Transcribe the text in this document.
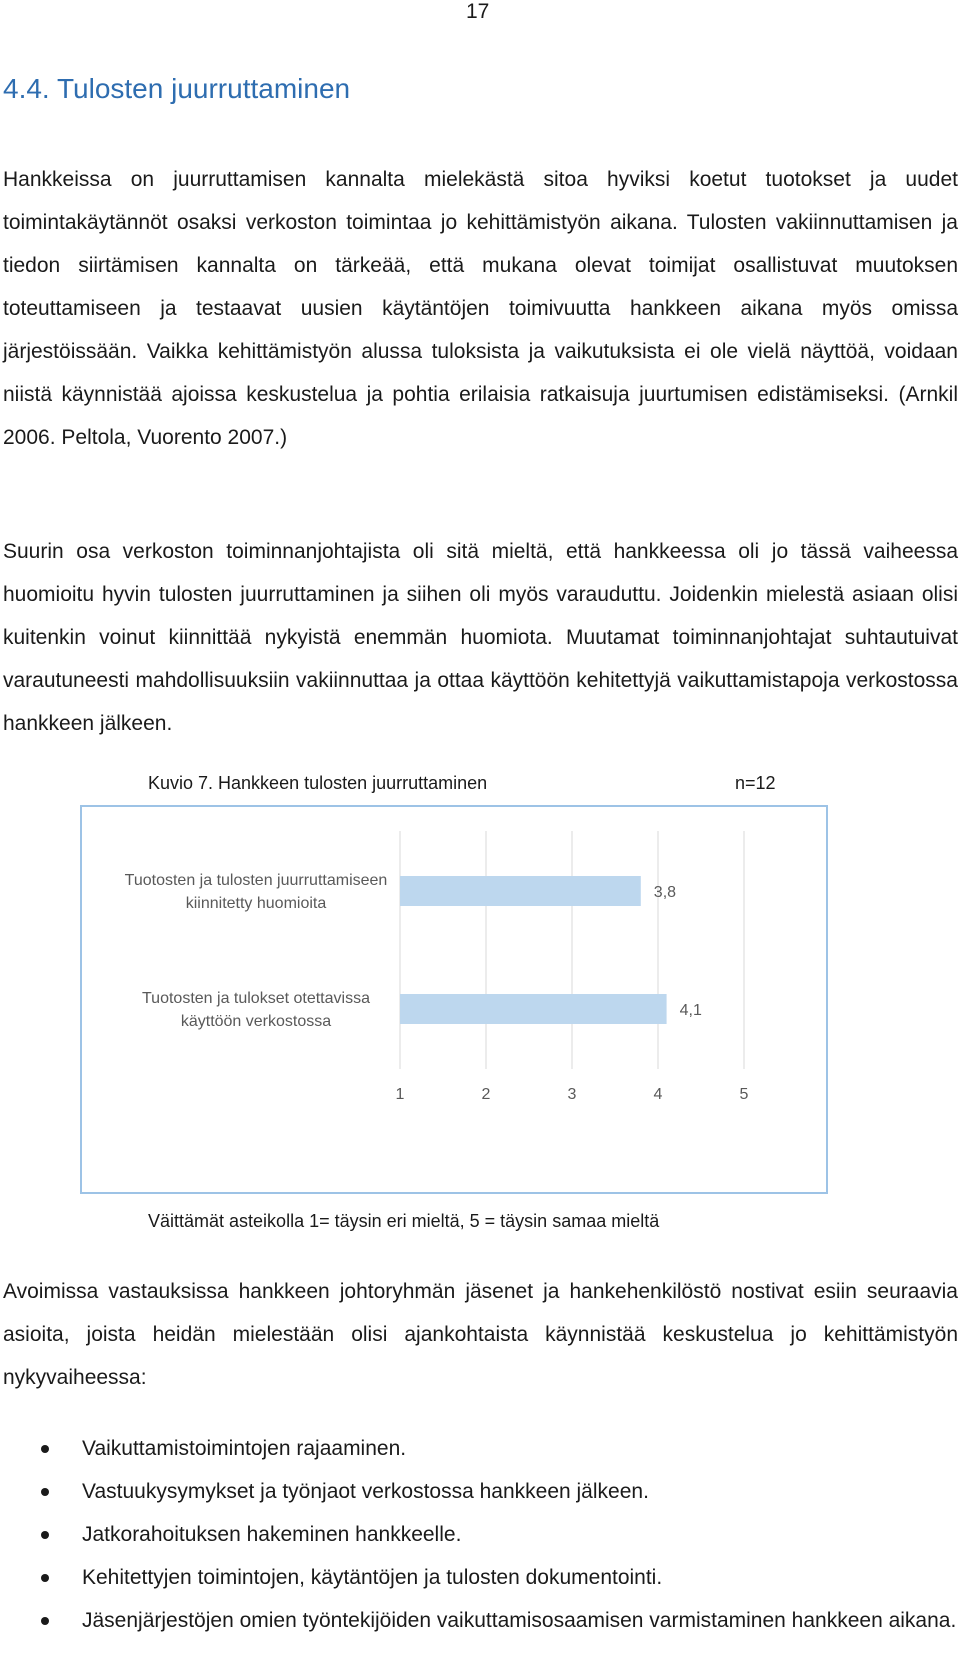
17
4.4. Tulosten juurruttaminen

Hankkeissa on juurruttamisen kannalta mielekästä sitoa hyviksi koetut tuotokset ja uudet toimintakäytännöt osaksi verkoston toimintaa jo kehittämistyön aikana. Tulosten vakiinnuttamisen ja tiedon siirtämisen kannalta on tärkeää, että mukana olevat toimijat osallistuvat muutoksen toteuttamiseen ja testaavat uusien käytäntöjen toimivuutta hankkeen aikana myös omissa järjestöissään. Vaikka kehittämistyön alussa tuloksista ja vaikutuksista ei ole vielä näyttöä, voidaan niistä käynnistää ajoissa keskustelua ja pohtia erilaisia ratkaisuja juurtumisen edistämiseksi. (Arnkil 2006. Peltola, Vuorento 2007.)

Suurin osa verkoston toiminnanjohtajista oli sitä mieltä, että hankkeessa oli jo tässä vaiheessa huomioitu hyvin tulosten juurruttaminen ja siihen oli myös varauduttu. Joidenkin mielestä asiaan olisi kuitenkin voinut kiinnittää nykyistä enemmän huomiota. Muutamat toiminnanjohtajat suhtautuivat varautuneesti mahdollisuuksiin vakiinnuttaa ja ottaa käyttöön kehitettyjä vaikuttamistapoja verkostossa hankkeen jälkeen.

Kuvio 7. Hankkeen tulosten juurruttaminen	n=12
1	2	3	4	5
3,8
Tuotosten ja tulosten juurruttamiseen
kiinnitetty huomioita
4,1
Tuotosten ja tulokset otettavissa
käyttöön verkostossa
Väittämät asteikolla 1= täysin eri mieltä, 5 = täysin samaa mieltä

Avoimissa vastauksissa hankkeen johtoryhmän jäsenet ja hankehenkilöstö nostivat esiin seuraavia asioita, joista heidän mielestään olisi ajankohtaista käynnistää keskustelua jo kehittämistyön nykyvaiheessa:

Vaikuttamistoimintojen rajaaminen.
Vastuukysymykset ja työnjaot verkostossa hankkeen jälkeen.
Jatkorahoituksen hakeminen hankkeelle.
Kehitettyjen toimintojen, käytäntöjen ja tulosten dokumentointi.
Jäsenjärjestöjen omien työntekijöiden vaikuttamisosaamisen varmistaminen hankkeen aikana.
